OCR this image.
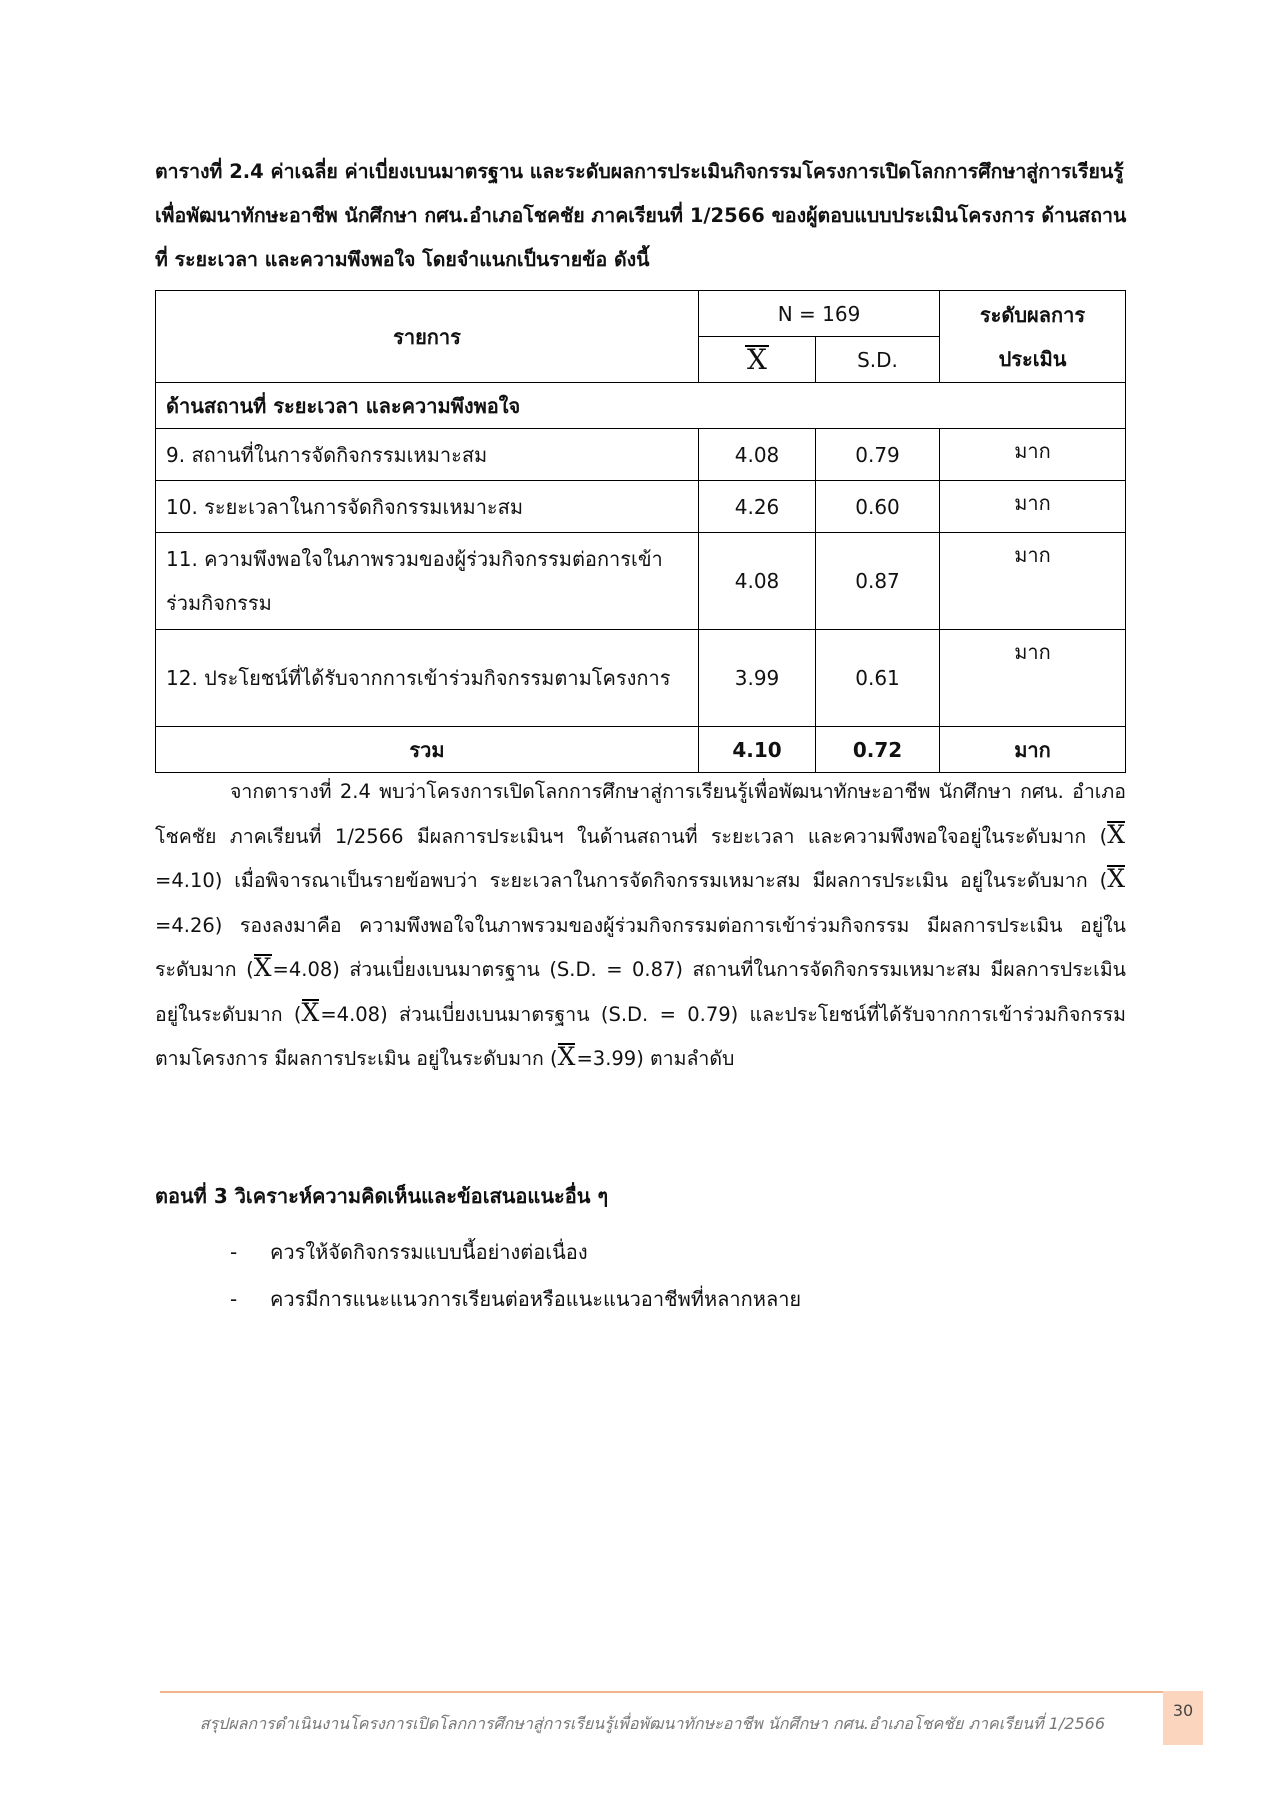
ตารางที่ 2.4 ค่าเฉลี่ย ค่าเบี่ยงเบนมาตรฐาน และระดับผลการประเมินกิจกรรมโครงการเปิดโลกการศึกษาสู่การเรียนรู้เพื่อพัฒนาทักษะอาชีพ นักศึกษา กศน.อำเภอโชคชัย ภาคเรียนที่ 1/2566 ของผู้ตอบแบบประเมินโครงการ ด้านสถานที่ ระยะเวลา และความพึงพอใจ โดยจำแนกเป็นรายข้อ ดังนี้

รายการ	N = 169		ระดับผลการประเมิน
	X	S.D.	
ด้านสถานที่ ระยะเวลา และความพึงพอใจ			
9. สถานที่ในการจัดกิจกรรมเหมาะสม	4.08	0.79	มาก
10. ระยะเวลาในการจัดกิจกรรมเหมาะสม	4.26	0.60	มาก
11. ความพึงพอใจในภาพรวมของผู้ร่วมกิจกรรมต่อการเข้าร่วมกิจกรรม	4.08	0.87	มาก
12. ประโยชน์ที่ได้รับจากการเข้าร่วมกิจกรรมตามโครงการ	3.99	0.61	มาก
รวม	4.10	0.72	มาก

จากตารางที่ 2.4 พบว่าโครงการเปิดโลกการศึกษาสู่การเรียนรู้เพื่อพัฒนาทักษะอาชีพ นักศึกษา กศน. อำเภอโชคชัย ภาคเรียนที่ 1/2566 มีผลการประเมินฯ ในด้านสถานที่ ระยะเวลา และความพึงพอใจอยู่ในระดับมาก (X=4.10) เมื่อพิจารณาเป็นรายข้อพบว่า ระยะเวลาในการจัดกิจกรรมเหมาะสม มีผลการประเมิน อยู่ในระดับมาก (X=4.26) รองลงมาคือ ความพึงพอใจในภาพรวมของผู้ร่วมกิจกรรมต่อการเข้าร่วมกิจกรรม มีผลการประเมิน อยู่ในระดับมาก (X=4.08) ส่วนเบี่ยงเบนมาตรฐาน (S.D. = 0.87) สถานที่ในการจัดกิจกรรมเหมาะสม มีผลการประเมิน อยู่ในระดับมาก (X=4.08) ส่วนเบี่ยงเบนมาตรฐาน (S.D. = 0.79) และประโยชน์ที่ได้รับจากการเข้าร่วมกิจกรรมตามโครงการ มีผลการประเมิน อยู่ในระดับมาก (X=3.99) ตามลำดับ

ตอนที่ 3 วิเคราะห์ความคิดเห็นและข้อเสนอแนะอื่น ๆ

- ควรให้จัดกิจกรรมแบบนี้อย่างต่อเนื่อง
- ควรมีการแนะแนวการเรียนต่อหรือแนะแนวอาชีพที่หลากหลาย
สรุปผลการดำเนินงานโครงการเปิดโลกการศึกษาสู่การเรียนรู้เพื่อพัฒนาทักษะอาชีพ นักศึกษา กศน.อำเภอโชคชัย ภาคเรียนที่ 1/2566
30
